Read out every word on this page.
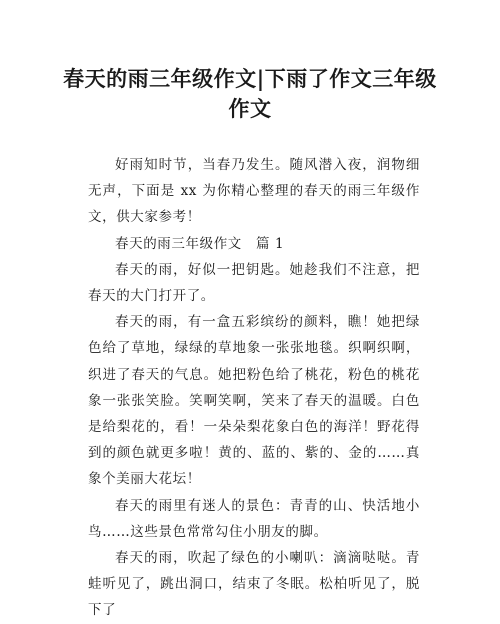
春天的雨三年级作文|下雨了作文三年级作文

好雨知时节，当春乃发生。随风潜入夜，润物细无声，下面是 xx 为你精心整理的春天的雨三年级作文，供大家参考！

春天的雨三年级作文　篇 1

春天的雨，好似一把钥匙。她趁我们不注意，把春天的大门打开了。

春天的雨，有一盒五彩缤纷的颜料，瞧！她把绿色给了草地，绿绿的草地象一张张地毯。织啊织啊，织进了春天的气息。她把粉色给了桃花，粉色的桃花象一张张笑脸。笑啊笑啊，笑来了春天的温暖。白色是给梨花的，看！一朵朵梨花象白色的海洋！野花得到的颜色就更多啦！黄的、蓝的、紫的、金的……真象个美丽大花坛！

春天的雨里有迷人的景色：青青的山、快活地小鸟……这些景色常常勾住小朋友的脚。

春天的雨，吹起了绿色的小喇叭：滴滴哒哒。青蛙听见了，跳出洞口，结束了冬眠。松柏听见了，脱下了
